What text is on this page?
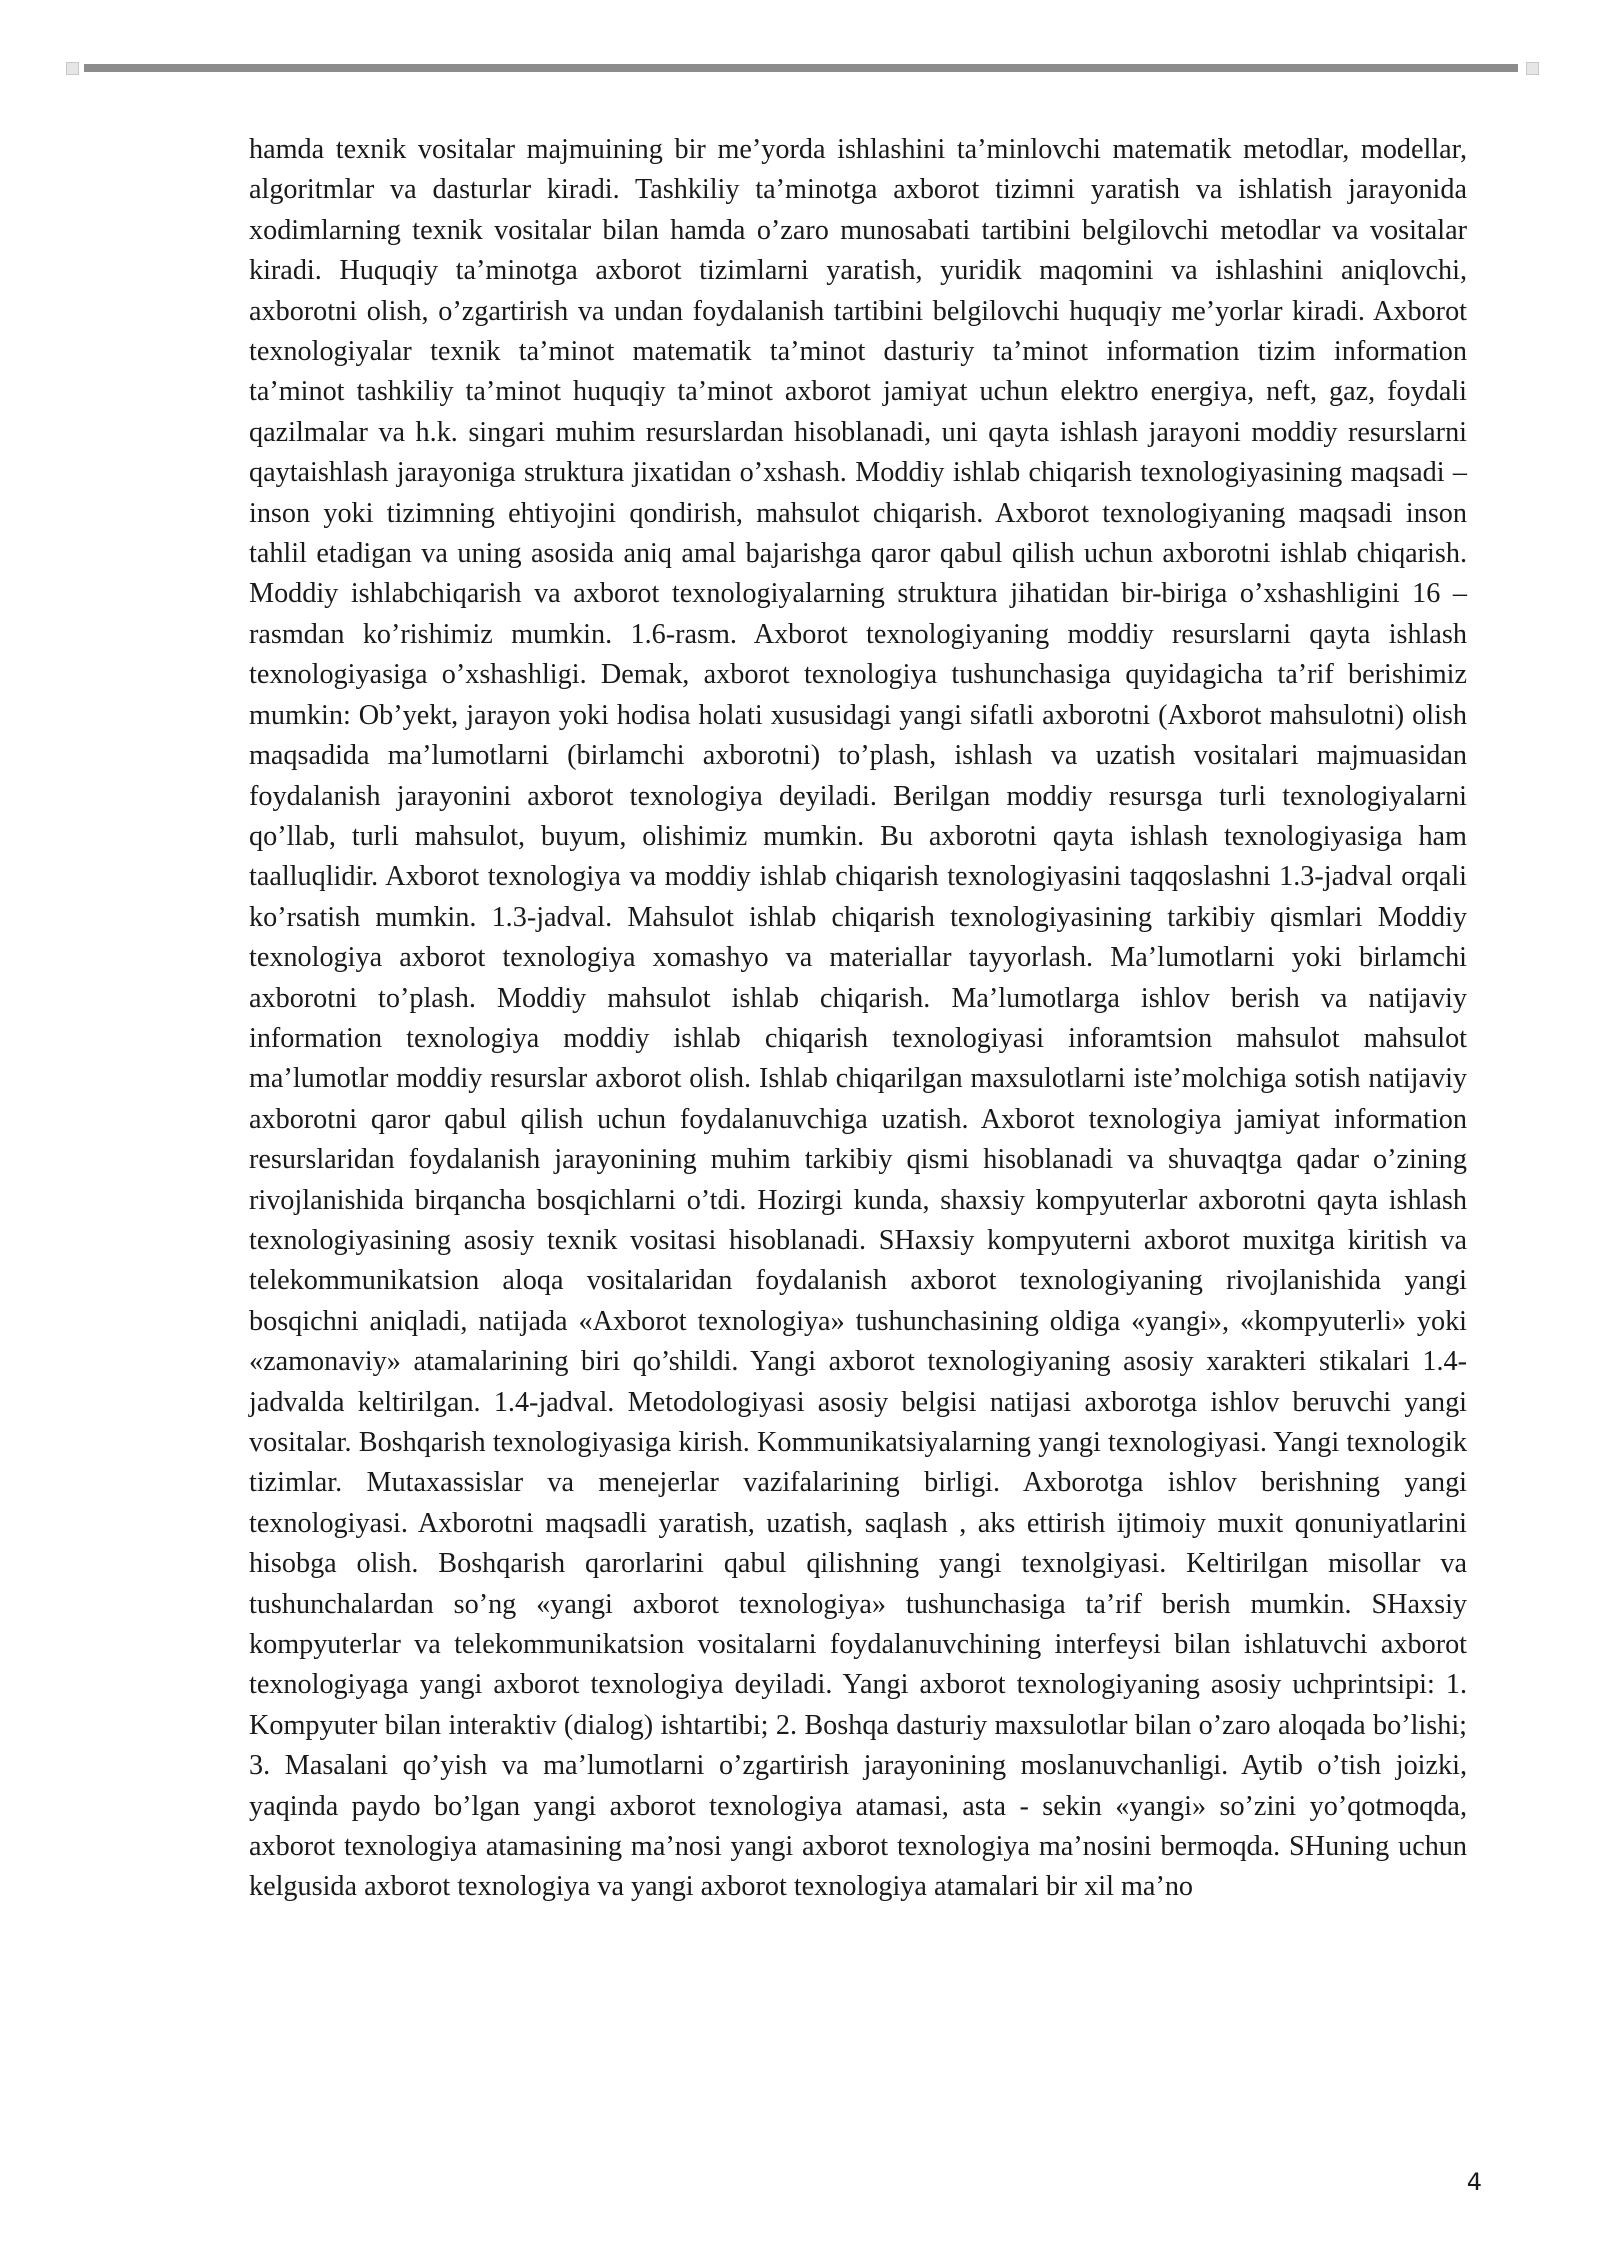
hamda texnik vositalar majmuining bir me’yorda ishlashini ta’minlovchi matematik metodlar, modellar, algoritmlar va dasturlar kiradi. Tashkiliy ta’minotga axborot tizimni yaratish va ishlatish jarayonida xodimlarning texnik vositalar bilan hamda o’zaro munosabati tartibini belgilovchi metodlar va vositalar kiradi. Huquqiy ta’minotga axborot tizimlarni yaratish, yuridik maqomini va ishlashini aniqlovchi, axborotni olish, o’zgartirish va undan foydalanish tartibini belgilovchi huquqiy me’yorlar kiradi. Axborot texnologiyalar texnik ta’minot matematik ta’minot dasturiy ta’minot information tizim information ta’minot tashkiliy ta’minot huquqiy ta’minot axborot jamiyat uchun elektro energiya, neft, gaz, foydali qazilmalar va h.k. singari muhim resurslardan hisoblanadi, uni qayta ishlash jarayoni moddiy resurslarni qaytaishlash jarayoniga struktura jixatidan o’xshash. Moddiy ishlab chiqarish texnologiyasining maqsadi – inson yoki tizimning ehtiyojini qondirish, mahsulot chiqarish. Axborot texnologiyaning maqsadi inson tahlil etadigan va uning asosida aniq amal bajarishga qaror qabul qilish uchun axborotni ishlab chiqarish. Moddiy ishlabchiqarish va axborot texnologiyalarning struktura jihatidan bir-biriga o’xshashligini 16 – rasmdan ko’rishimiz mumkin. 1.6-rasm. Axborot texnologiyaning moddiy resurslarni qayta ishlash texnologiyasiga o’xshashligi. Demak, axborot texnologiya tushunchasiga quyidagicha ta’rif berishimiz mumkin: Ob’yekt, jarayon yoki hodisa holati xususidagi yangi sifatli axborotni (Axborot mahsulotni) olish maqsadida ma’lumotlarni (birlamchi axborotni) to’plash, ishlash va uzatish vositalari majmuasidan foydalanish jarayonini axborot texnologiya deyiladi. Berilgan moddiy resursga turli texnologiyalarni qo’llab, turli mahsulot, buyum, olishimiz mumkin. Bu axborotni qayta ishlash texnologiyasiga ham taalluqlidir. Axborot texnologiya va moddiy ishlab chiqarish texnologiyasini taqqoslashni 1.3-jadval orqali ko’rsatish mumkin. 1.3-jadval. Mahsulot ishlab chiqarish texnologiyasining tarkibiy qismlari Moddiy texnologiya axborot texnologiya xomashyo va materiallar tayyorlash. Ma’lumotlarni yoki birlamchi axborotni to’plash. Moddiy mahsulot ishlab chiqarish. Ma’lumotlarga ishlov berish va natijaviy information texnologiya moddiy ishlab chiqarish texnologiyasi inforamtsion mahsulot mahsulot ma’lumotlar moddiy resurslar axborot olish. Ishlab chiqarilgan maxsulotlarni iste’molchiga sotish natijaviy axborotni qaror qabul qilish uchun foydalanuvchiga uzatish. Axborot texnologiya jamiyat information resurslaridan foydalanish jarayonining muhim tarkibiy qismi hisoblanadi va shuvaqtga qadar o’zining rivojlanishida birqancha bosqichlarni o’tdi. Hozirgi kunda, shaxsiy kompyuterlar axborotni qayta ishlash texnologiyasining asosiy texnik vositasi hisoblanadi. SHaxsiy kompyuterni axborot muxitga kiritish va telekommunikatsion aloqa vositalaridan foydalanish axborot texnologiyaning rivojlanishida yangi bosqichni aniqladi, natijada «Axborot texnologiya» tushunchasining oldiga «yangi», «kompyuterli» yoki «zamonaviy» atamalarining biri qo’shildi. Yangi axborot texnologiyaning asosiy xarakteri stikalari 1.4-jadvalda keltirilgan. 1.4-jadval. Metodologiyasi asosiy belgisi natijasi axborotga ishlov beruvchi yangi vositalar. Boshqarish texnologiyasiga kirish. Kommunikatsiyalarning yangi texnologiyasi. Yangi texnologik tizimlar. Mutaxassislar va menejerlar vazifalarining birligi. Axborotga ishlov berishning yangi texnologiyasi. Axborotni maqsadli yaratish, uzatish, saqlash , aks ettirish ijtimoiy muxit qonuniyatlarini hisobga olish. Boshqarish qarorlarini qabul qilishning yangi texnolgiyasi. Keltirilgan misollar va tushunchalardan so’ng «yangi axborot texnologiya» tushunchasiga ta’rif berish mumkin. SHaxsiy kompyuterlar va telekommunikatsion vositalarni foydalanuvchining interfeysi bilan ishlatuvchi axborot texnologiyaga yangi axborot texnologiya deyiladi. Yangi axborot texnologiyaning asosiy uchprintsipi: 1. Kompyuter bilan interaktiv (dialog) ishtartibi; 2. Boshqa dasturiy maxsulotlar bilan o’zaro aloqada bo’lishi; 3. Masalani qo’yish va ma’lumotlarni o’zgartirish jarayonining moslanuvchanligi. Aytib o’tish joizki, yaqinda paydo bo’lgan yangi axborot texnologiya atamasi, asta - sekin «yangi» so’zini yo’qotmoqda, axborot texnologiya atamasining ma’nosi yangi axborot texnologiya ma’nosini bermoqda. SHuning uchun kelgusida axborot texnologiya va yangi axborot texnologiya atamalari bir xil ma’no

4
